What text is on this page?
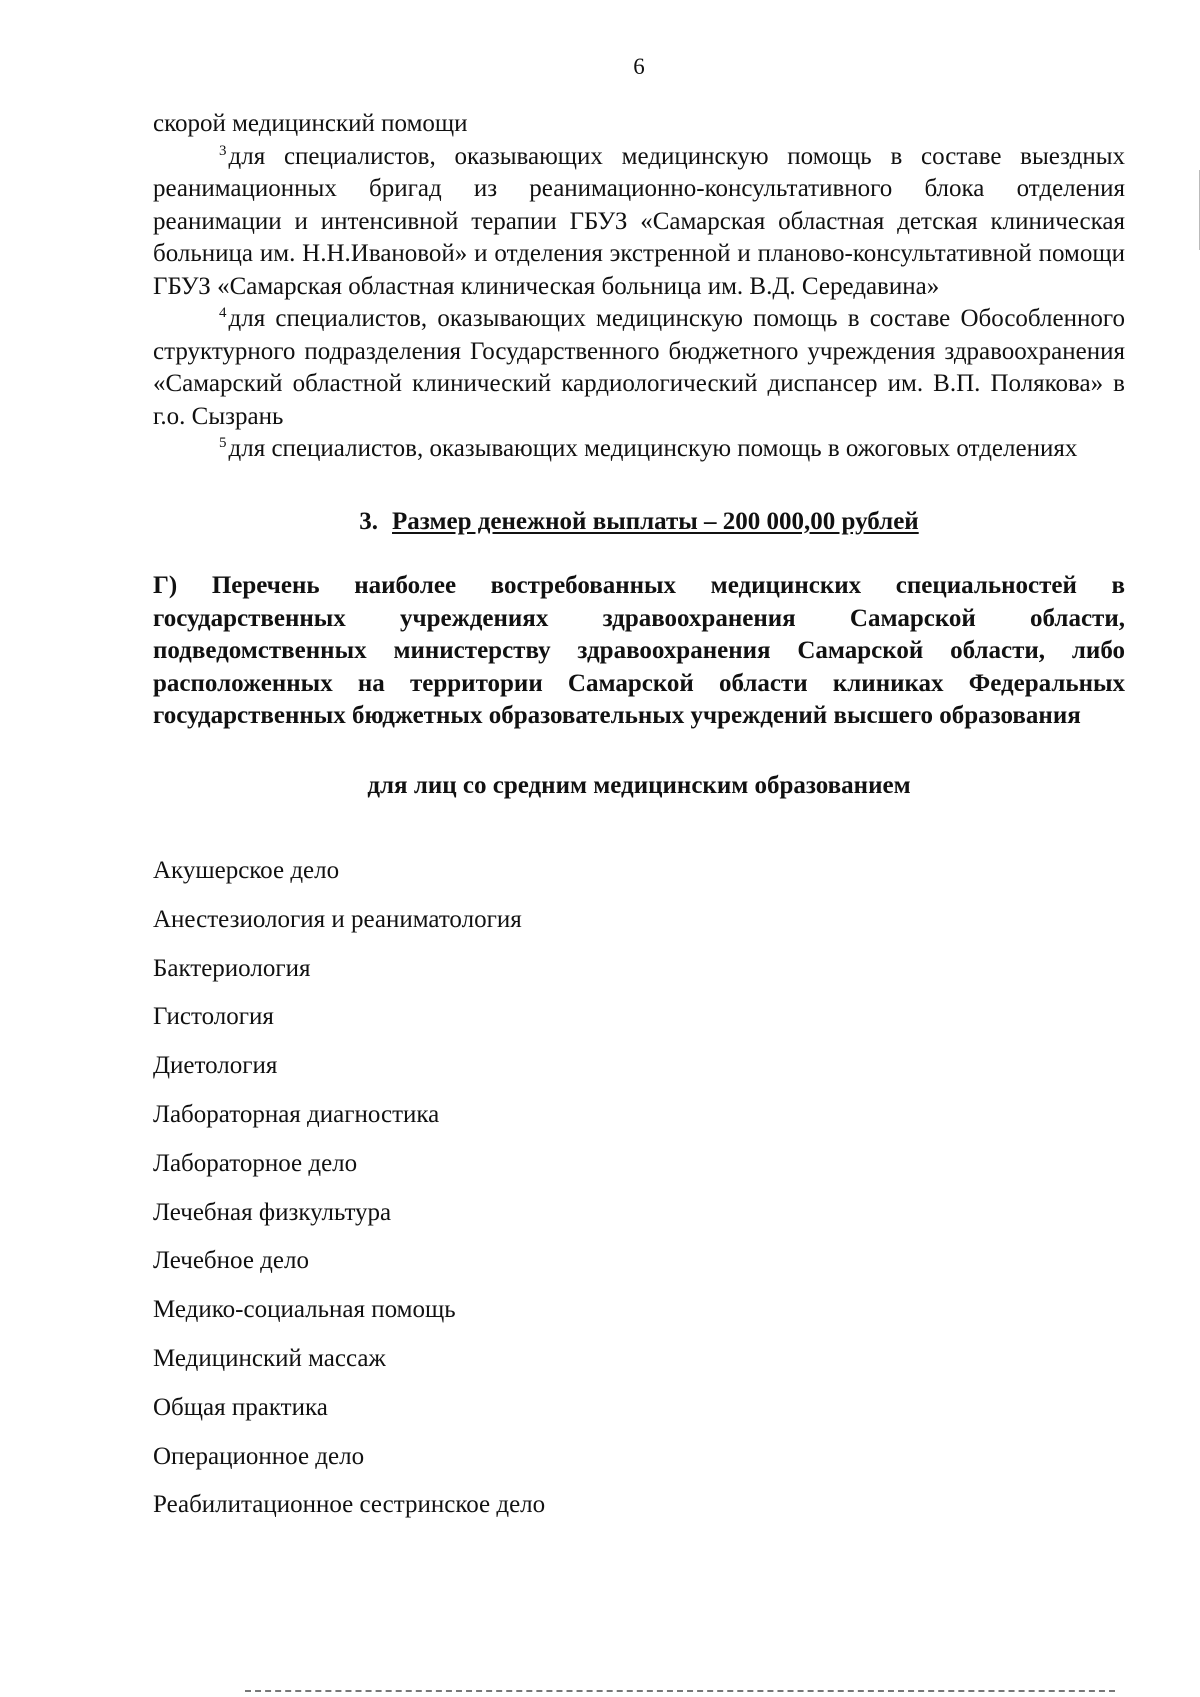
6

скорой медицинский помощи

$^3$для специалистов, оказывающих медицинскую помощь в составе выездных реанимационных бригад из реанимационно-консультативного блока отделения реанимации и интенсивной терапии ГБУЗ «Самарская областная детская клиническая больница им. Н.Н.Ивановой» и отделения экстренной и планово-консультативной помощи ГБУЗ «Самарская областная клиническая больница им. В.Д. Середавина»

$^4$для специалистов, оказывающих медицинскую помощь в составе Обособленного структурного подразделения Государственного бюджетного учреждения здравоохранения «Самарский областной клинический кардиологический диспансер им. В.П. Полякова» в г.о. Сызрань

$^5$для специалистов, оказывающих медицинскую помощь в ожоговых отделениях

3. Размер денежной выплаты – 200 000,00 рублей

Г) Перечень наиболее востребованных медицинских специальностей в государственных учреждениях здравоохранения Самарской области, подведомственных министерству здравоохранения Самарской области, либо расположенных на территории Самарской области клиниках Федеральных государственных бюджетных образовательных учреждений высшего образования

для лиц со средним медицинским образованием

Акушерское дело
Анестезиология и реаниматология
Бактериология
Гистология
Диетология
Лабораторная диагностика
Лабораторное дело
Лечебная физкультура
Лечебное дело
Медико-социальная помощь
Медицинский массаж
Общая практика
Операционное дело
Реабилитационное сестринское дело
